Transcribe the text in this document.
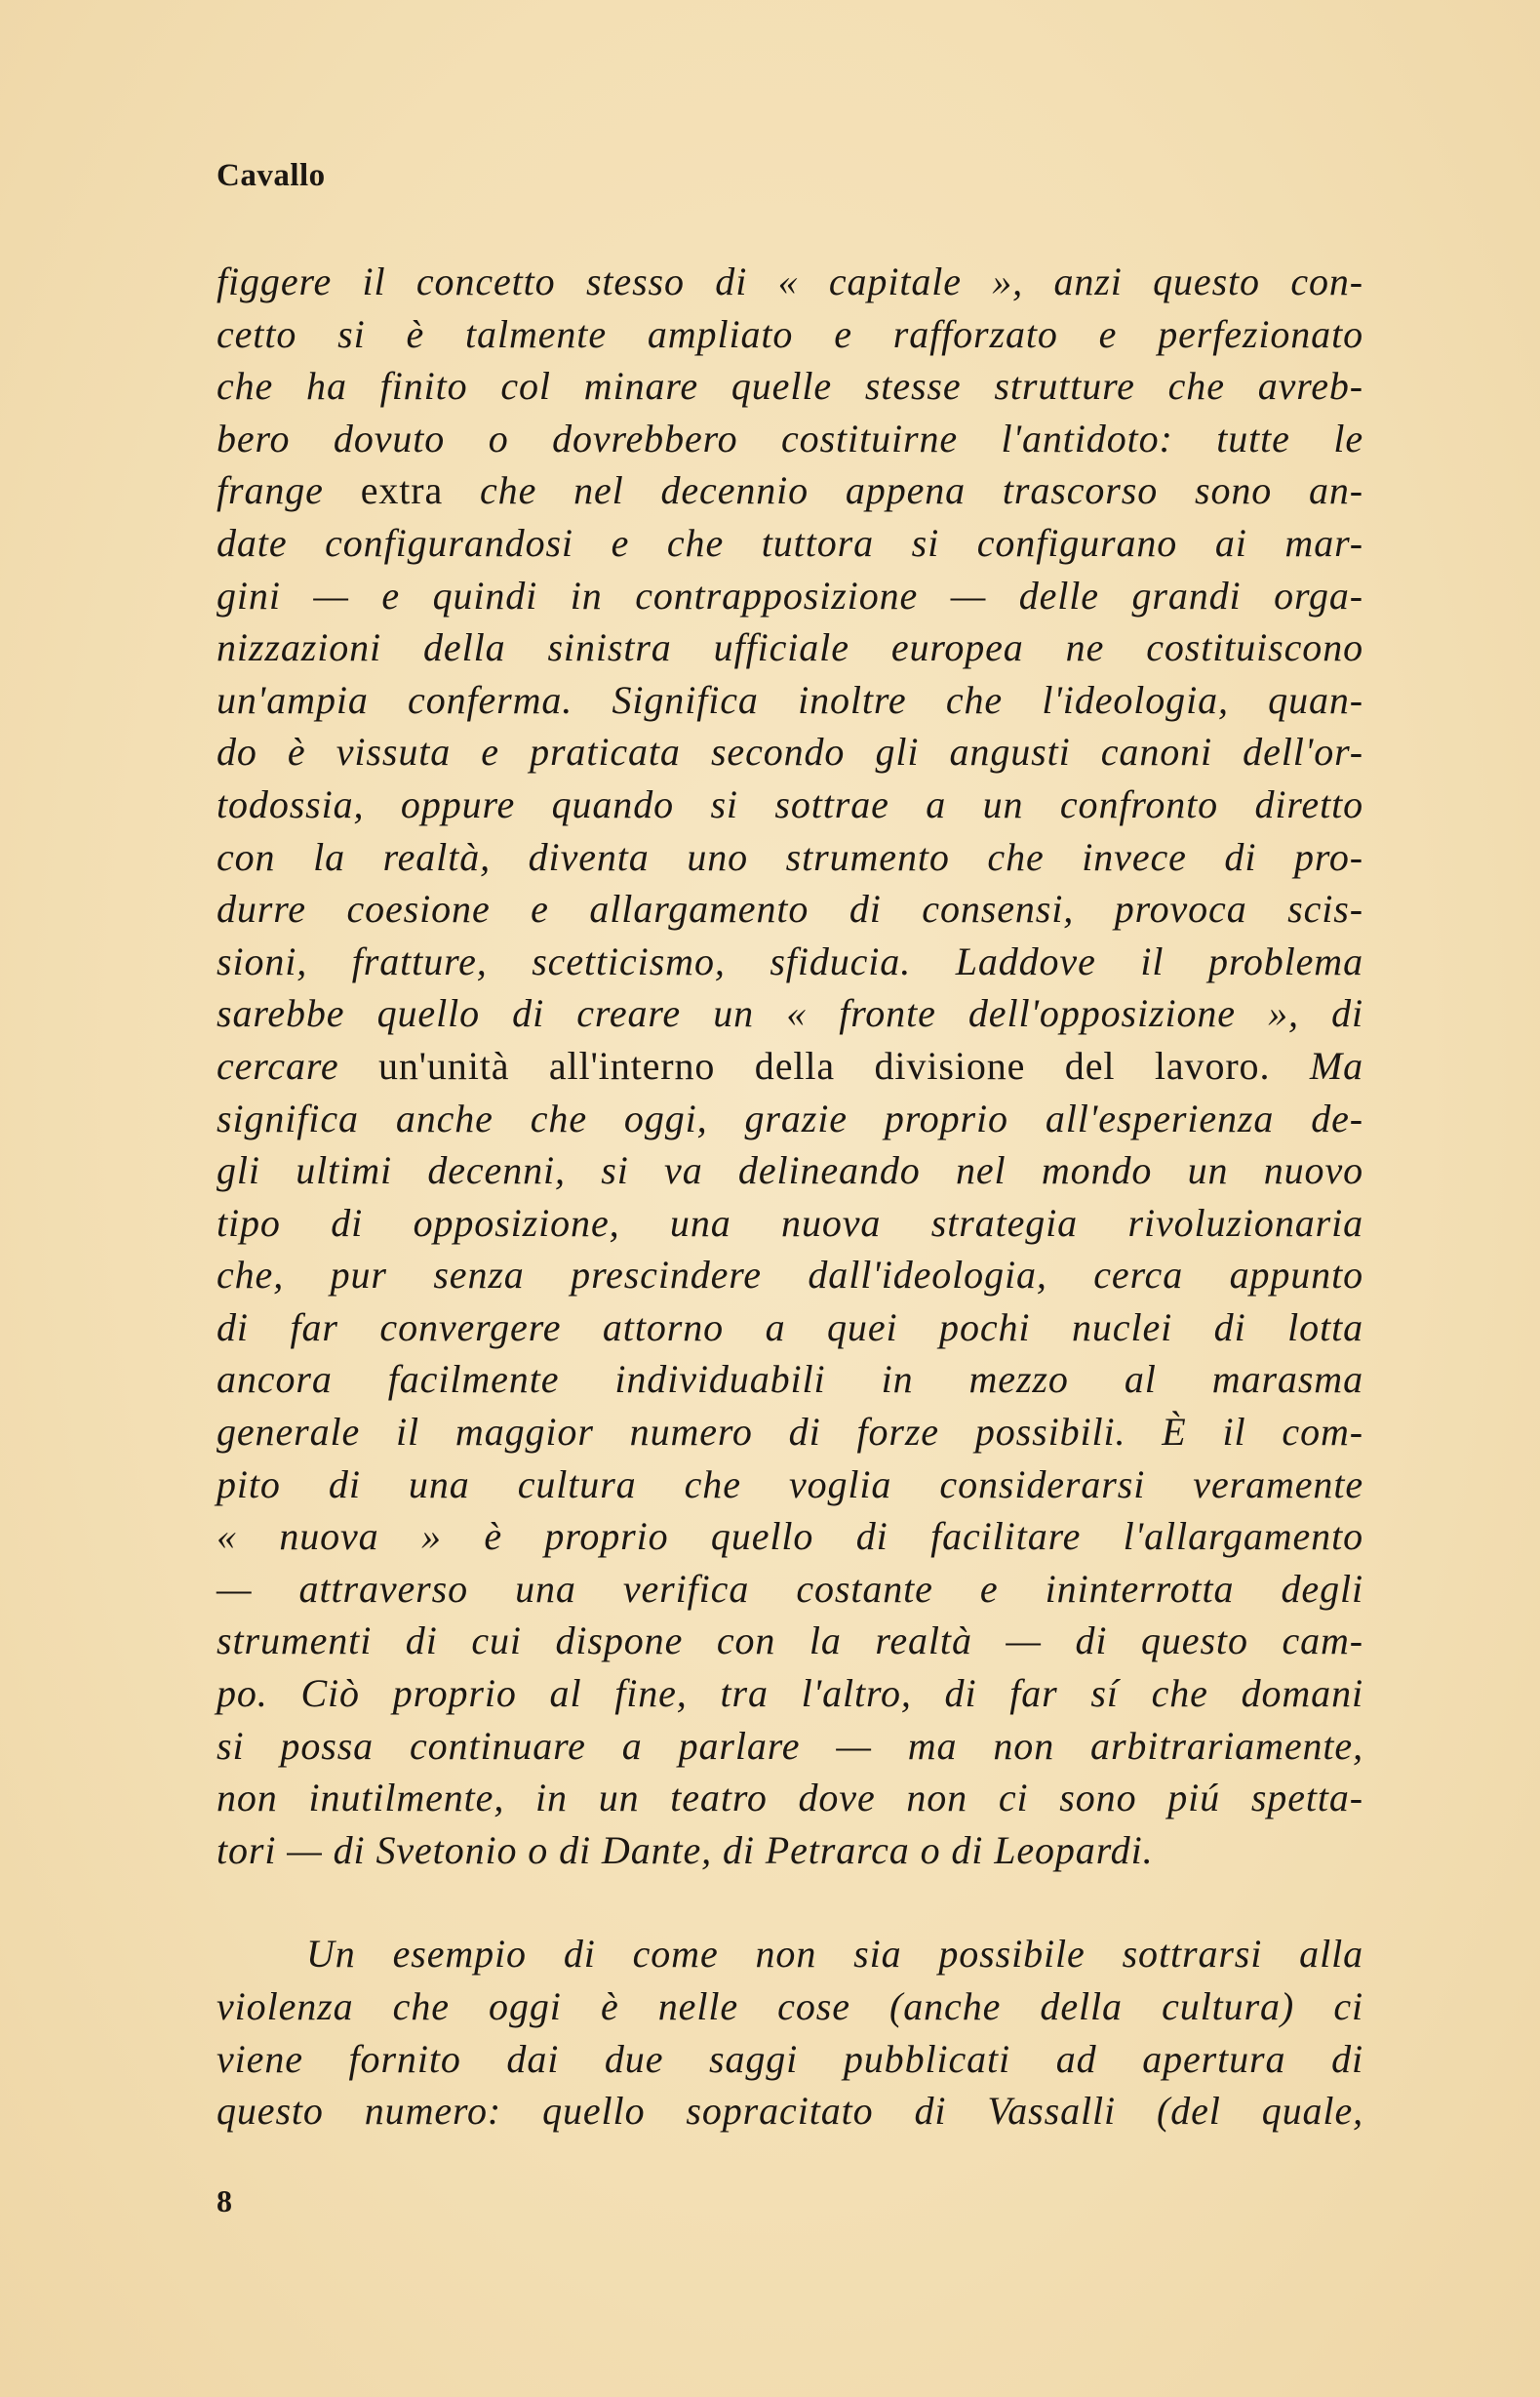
Cavallo
figgere il concetto stesso di « capitale », anzi questo con-
cetto si è talmente ampliato e rafforzato e perfezionato
che ha finito col minare quelle stesse strutture che avreb-
bero dovuto o dovrebbero costituirne l'antidoto: tutte le
frange extra che nel decennio appena trascorso sono an-
date configurandosi e che tuttora si configurano ai mar-
gini — e quindi in contrapposizione — delle grandi orga-
nizzazioni della sinistra ufficiale europea ne costituiscono
un'ampia conferma. Significa inoltre che l'ideologia, quan-
do è vissuta e praticata secondo gli angusti canoni dell'or-
todossia, oppure quando si sottrae a un confronto diretto
con la realtà, diventa uno strumento che invece di pro-
durre coesione e allargamento di consensi, provoca scis-
sioni, fratture, scetticismo, sfiducia. Laddove il problema
sarebbe quello di creare un « fronte dell'opposizione », di
cercare un'unità all'interno della divisione del lavoro. Ma
significa anche che oggi, grazie proprio all'esperienza de-
gli ultimi decenni, si va delineando nel mondo un nuovo
tipo di opposizione, una nuova strategia rivoluzionaria
che, pur senza prescindere dall'ideologia, cerca appunto
di far convergere attorno a quei pochi nuclei di lotta
ancora facilmente individuabili in mezzo al marasma
generale il maggior numero di forze possibili. È il com-
pito di una cultura che voglia considerarsi veramente
« nuova » è proprio quello di facilitare l'allargamento
— attraverso una verifica costante e ininterrotta degli
strumenti di cui dispone con la realtà — di questo cam-
po. Ciò proprio al fine, tra l'altro, di far sí che domani
si possa continuare a parlare — ma non arbitrariamente,
non inutilmente, in un teatro dove non ci sono piú spetta-
tori — di Svetonio o di Dante, di Petrarca o di Leopardi.
Un esempio di come non sia possibile sottrarsi alla
violenza che oggi è nelle cose (anche della cultura) ci
viene fornito dai due saggi pubblicati ad apertura di
questo numero: quello sopracitato di Vassalli (del quale,
8
